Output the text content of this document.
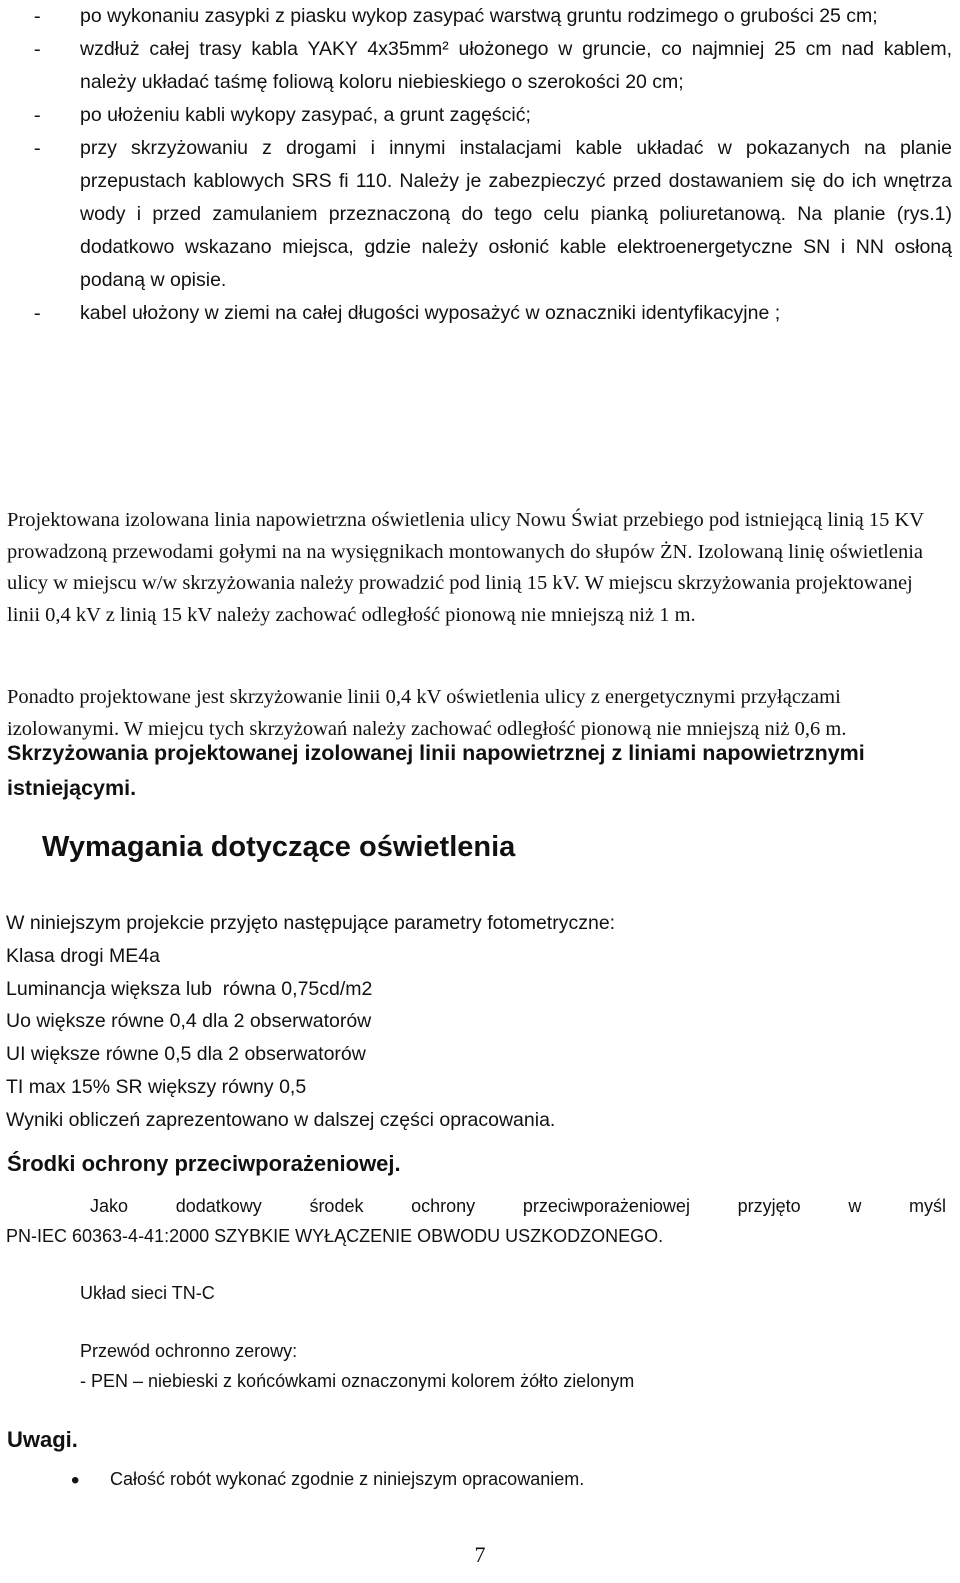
- po wykonaniu zasypki z piasku wykop zasypać warstwą gruntu rodzimego o grubości 25 cm;
- wzdłuż całej trasy kabla YAKY 4x35mm² ułożonego w gruncie, co najmniej 25 cm nad kablem, należy układać taśmę foliową koloru niebieskiego o szerokości 20 cm;
- po ułożeniu kabli wykopy zasypać, a grunt zagęścić;
- przy skrzyżowaniu z drogami i innymi instalacjami kable układać w pokazanych na planie przepustach kablowych SRS fi 110. Należy je zabezpieczyć przed dostawaniem się do ich wnętrza wody i przed zamulaniem przeznaczoną do tego celu pianką poliuretanową. Na planie (rys.1) dodatkowo wskazano miejsca, gdzie należy osłonić kable elektroenergetyczne SN i NN osłoną podaną w opisie.
- kabel ułożony w ziemi na całej długości wyposażyć w oznaczniki identyfikacyjne ;
Skrzyżowania projektowanej izolowanej linii napowietrznej z liniami napowietrznymi istniejącymi.

Projektowana izolowana linia napowietrzna oświetlenia ulicy Nowu Świat przebiego pod istniejącą linią 15 KV prowadzoną przewodami gołymi na na wysięgnikach montowanych do słupów ŻN. Izolowaną linię oświetlenia ulicy w miejscu w/w skrzyżowania należy prowadzić pod linią 15 kV. W miejscu skrzyżowania projektowanej linii 0,4 kV z linią 15 kV należy zachować odległość pionową nie mniejszą niż 1 m.

Ponadto projektowane jest skrzyżowanie linii 0,4 kV oświetlenia ulicy z energetycznymi przyłączami izolowanymi. W miejcu tych skrzyżowań należy zachować odległość pionową nie mniejszą niż 0,6 m.

Wymagania dotyczące oświetlenia
W niniejszym projekcie przyjęto następujące parametry fotometryczne:
Klasa drogi ME4a
Luminancja większa lub  równa 0,75cd/m2
Uo większe równe 0,4 dla 2 obserwatorów
UI większe równe 0,5 dla 2 obserwatorów
TI max 15% SR większy równy 0,5
Wyniki obliczeń zaprezentowano w dalszej części opracowania.
Środki ochrony przeciwporażeniowej.
Jako	dodatkowy	środek	ochrony	przeciwporażeniowej	przyjęto	w	myśl

PN-IEC 60363-4-41:2000 SZYBKIE WYŁĄCZENIE OBWODU USZKODZONEGO.

Układ sieci TN-C

Przewód ochronno zerowy:

- PEN – niebieski z końcówkami oznaczonymi kolorem żółto zielonym

Uwagi.
• Całość robót wykonać zgodnie z niniejszym opracowaniem.
7
